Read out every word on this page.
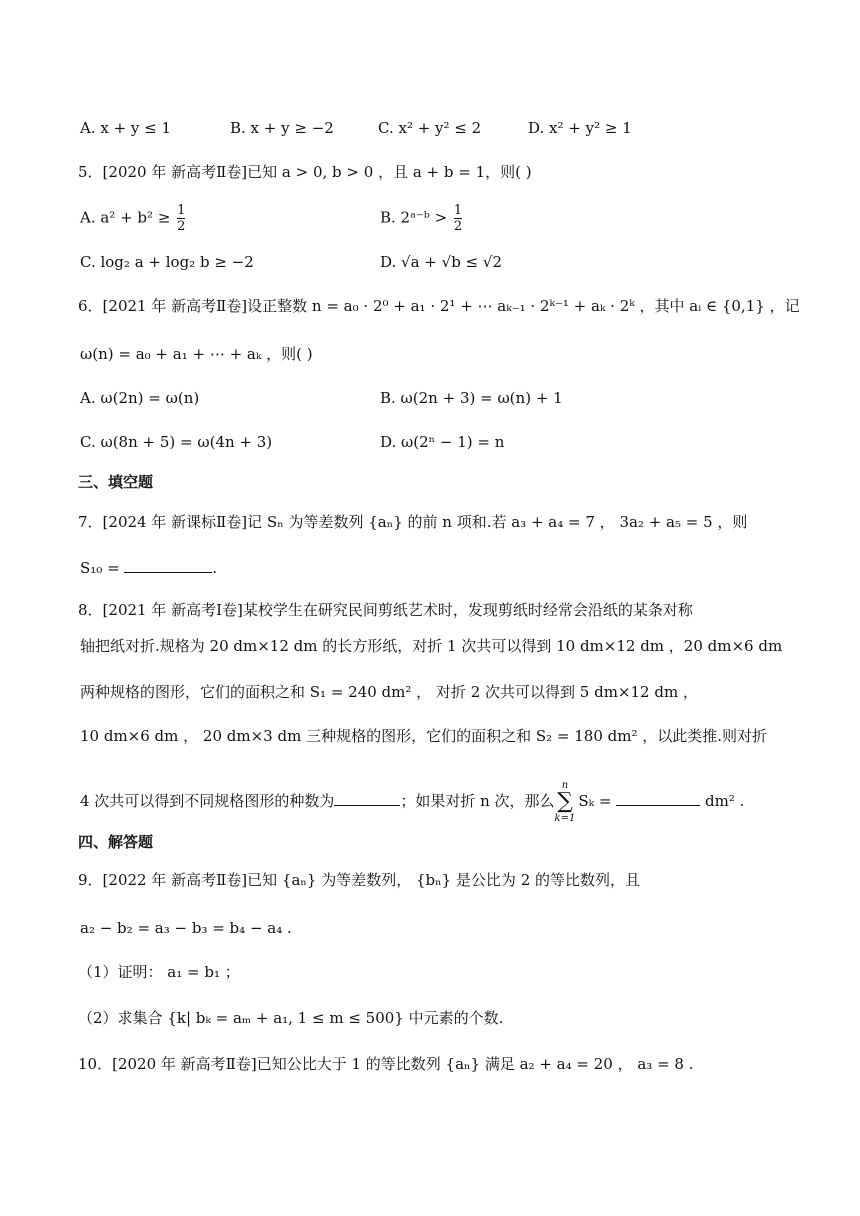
A. x + y ≤ 1	B. x + y ≥ −2	C. x² + y² ≤ 2	D. x² + y² ≥ 1
5．[2020 年 新高考Ⅱ卷]已知 a > 0, b > 0 ，且 a + b = 1，则( )
A. $a^2 + b^2 \ge \frac{1}{2}$	B. 2ᵃ⁻ᵇ > $\frac{1}{2}$
C. log₂ a + log₂ b ≥ −2	D. √a + √b ≤ √2
6．[2021 年 新高考Ⅱ卷]设正整数 n = a₀ · 2⁰ + a₁ · 2¹ + ⋯ aₖ₋₁ · 2ᵏ⁻¹ + aₖ · 2ᵏ ，其中 aᵢ ∈ {0,1} ，记
ω(n) = a₀ + a₁ + ⋯ + aₖ ，则( )
A. ω(2n) = ω(n)	B. ω(2n + 3) = ω(n) + 1
C. ω(8n + 5) = ω(4n + 3)	D. ω(2ⁿ − 1) = n
三、填空题
7．[2024 年 新课标Ⅱ卷]记 Sₙ 为等差数列 {aₙ} 的前 n 项和.若 a₃ + a₄ = 7 ， 3a₂ + a₅ = 5 ，则
S₁₀ =	.
8．[2021 年 新高考Ⅰ卷]某校学生在研究民间剪纸艺术时，发现剪纸时经常会沿纸的某条对称
轴把纸对折.规格为 20 dm×12 dm 的长方形纸，对折 1 次共可以得到 10 dm×12 dm ，20 dm×6 dm
两种规格的图形，它们的面积之和 S₁ = 240 dm² ， 对折 2 次共可以得到 5 dm×12 dm ，
10 dm×6 dm ， 20 dm×3 dm 三种规格的图形，它们的面积之和 S₂ = 180 dm² ，以此类推.则对折
4 次共可以得到不同规格图形的种数为	；如果对折 n 次，那么
n
∑
k=1
Sₖ =	dm² .
四、解答题
9．[2022 年 新高考Ⅱ卷]已知 {aₙ} 为等差数列， {bₙ} 是公比为 2 的等比数列，且
a₂ − b₂ = a₃ − b₃ = b₄ − a₄ .
（1）证明： a₁ = b₁ ；
（2）求集合 {k| bₖ = aₘ + a₁, 1 ≤ m ≤ 500} 中元素的个数.
10．[2020 年 新高考Ⅱ卷]已知公比大于 1 的等比数列 {aₙ} 满足 a₂ + a₄ = 20 ， a₃ = 8 .
